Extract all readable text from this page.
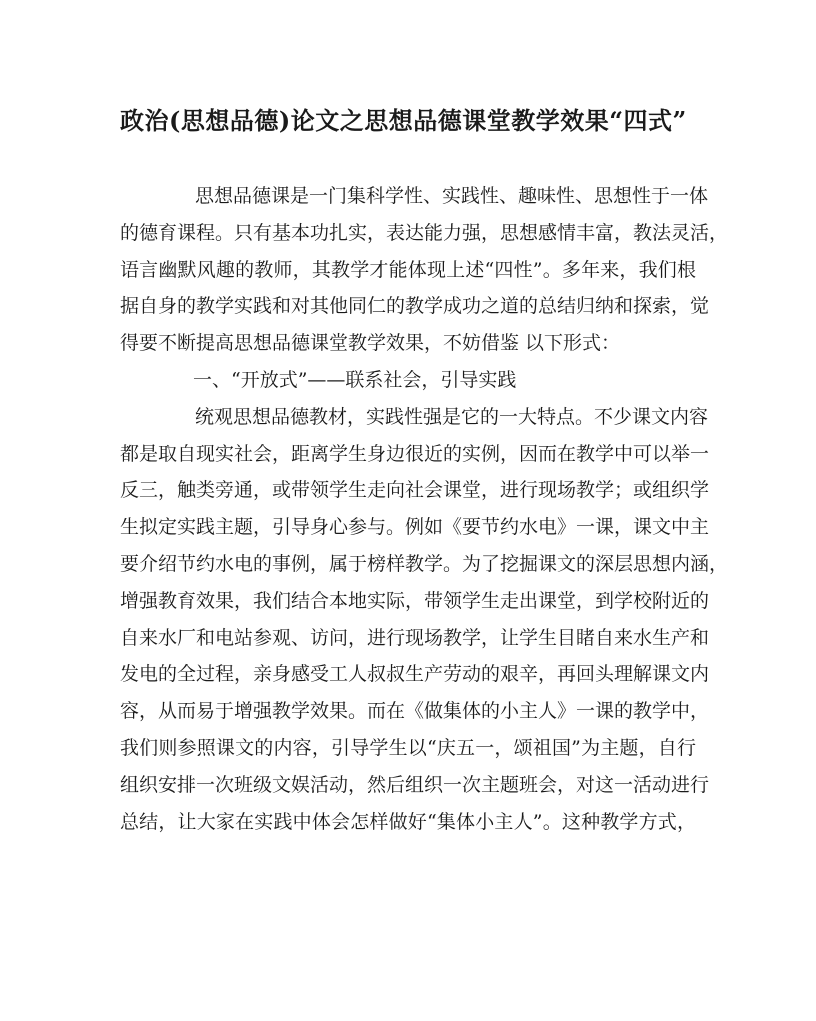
政治(思想品德)论文之思想品德课堂教学效果“四式”
思想品德课是一门集科学性、实践性、趣味性、思想性于一体
的德育课程。只有基本功扎实，表达能力强，思想感情丰富，教法灵活，
语言幽默风趣的教师，其教学才能体现上述“四性”。多年来，我们根
据自身的教学实践和对其他同仁的教学成功之道的总结归纳和探索，觉
得要不断提高思想品德课堂教学效果，不妨借鉴 以下形式：
一、“开放式”——联系社会，引导实践
统观思想品德教材，实践性强是它的一大特点。不少课文内容
都是取自现实社会，距离学生身边很近的实例，因而在教学中可以举一
反三，触类旁通，或带领学生走向社会课堂，进行现场教学；或组织学
生拟定实践主题，引导身心参与。例如《要节约水电》一课，课文中主
要介绍节约水电的事例，属于榜样教学。为了挖掘课文的深层思想内涵，
增强教育效果，我们结合本地实际，带领学生走出课堂，到学校附近的
自来水厂和电站参观、访问，进行现场教学，让学生目睹自来水生产和
发电的全过程，亲身感受工人叔叔生产劳动的艰辛，再回头理解课文内
容，从而易于增强教学效果。而在《做集体的小主人》一课的教学中，
我们则参照课文的内容，引导学生以“庆五一，颂祖国”为主题，自行
组织安排一次班级文娱活动，然后组织一次主题班会，对这一活动进行
总结，让大家在实践中体会怎样做好“集体小主人”。这种教学方式，
